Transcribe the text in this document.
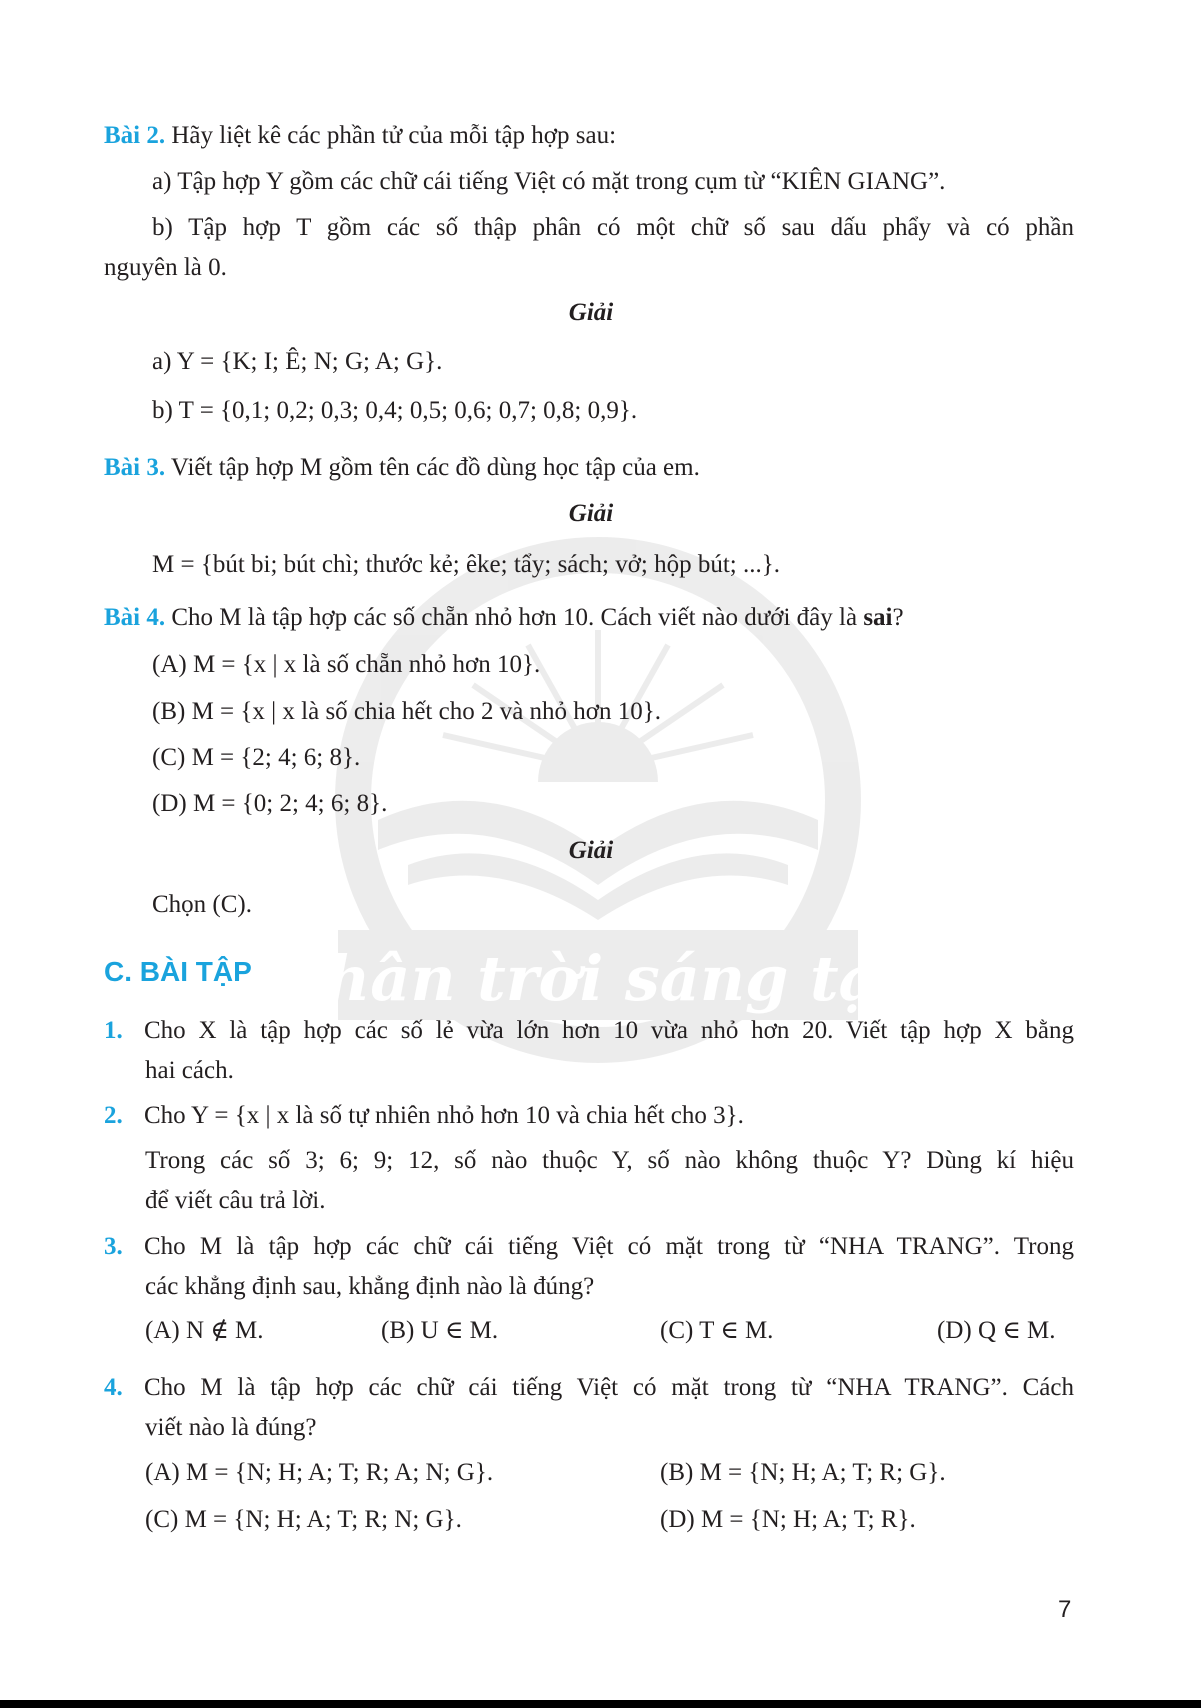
Chân trời sáng tạo
Bài 2. Hãy liệt kê các phần tử của mỗi tập hợp sau:
a) Tập hợp Y gồm các chữ cái tiếng Việt có mặt trong cụm từ “KIÊN GIANG”.
b) Tập hợp T gồm các số thập phân có một chữ số sau dấu phẩy và có phần
nguyên là 0.
Giải
a) Y = {K; I; Ê; N; G; A; G}.
b) T = {0,1; 0,2; 0,3; 0,4; 0,5; 0,6; 0,7; 0,8; 0,9}.
Bài 3. Viết tập hợp M gồm tên các đồ dùng học tập của em.
Giải
M = {bút bi; bút chì; thước kẻ; êke; tẩy; sách; vở; hộp bút; ...}.
Bài 4. Cho M là tập hợp các số chẵn nhỏ hơn 10. Cách viết nào dưới đây là sai?
(A) M = {x | x là số chẵn nhỏ hơn 10}.
(B) M = {x | x là số chia hết cho 2 và nhỏ hơn 10}.
(C) M = {2; 4; 6; 8}.
(D) M = {0; 2; 4; 6; 8}.
Giải
Chọn (C).
C. BÀI TẬP
1. Cho X là tập hợp các số lẻ vừa lớn hơn 10 vừa nhỏ hơn 20. Viết tập hợp X bằng
hai cách.
2. Cho Y = {x | x là số tự nhiên nhỏ hơn 10 và chia hết cho 3}.
Trong các số 3; 6; 9; 12, số nào thuộc Y, số nào không thuộc Y? Dùng kí hiệu
để viết câu trả lời.
3. Cho M là tập hợp các chữ cái tiếng Việt có mặt trong từ “NHA TRANG”. Trong
các khẳng định sau, khẳng định nào là đúng?
(A) N ∉ M.	(B) U ∈ M.	(C) T ∈ M.	(D) Q ∈ M.
4. Cho M là tập hợp các chữ cái tiếng Việt có mặt trong từ “NHA TRANG”. Cách
viết nào là đúng?
(A) M = {N; H; A; T; R; A; N; G}.	(B) M = {N; H; A; T; R; G}.
(C) M = {N; H; A; T; R; N; G}.	(D) M = {N; H; A; T; R}.
7
